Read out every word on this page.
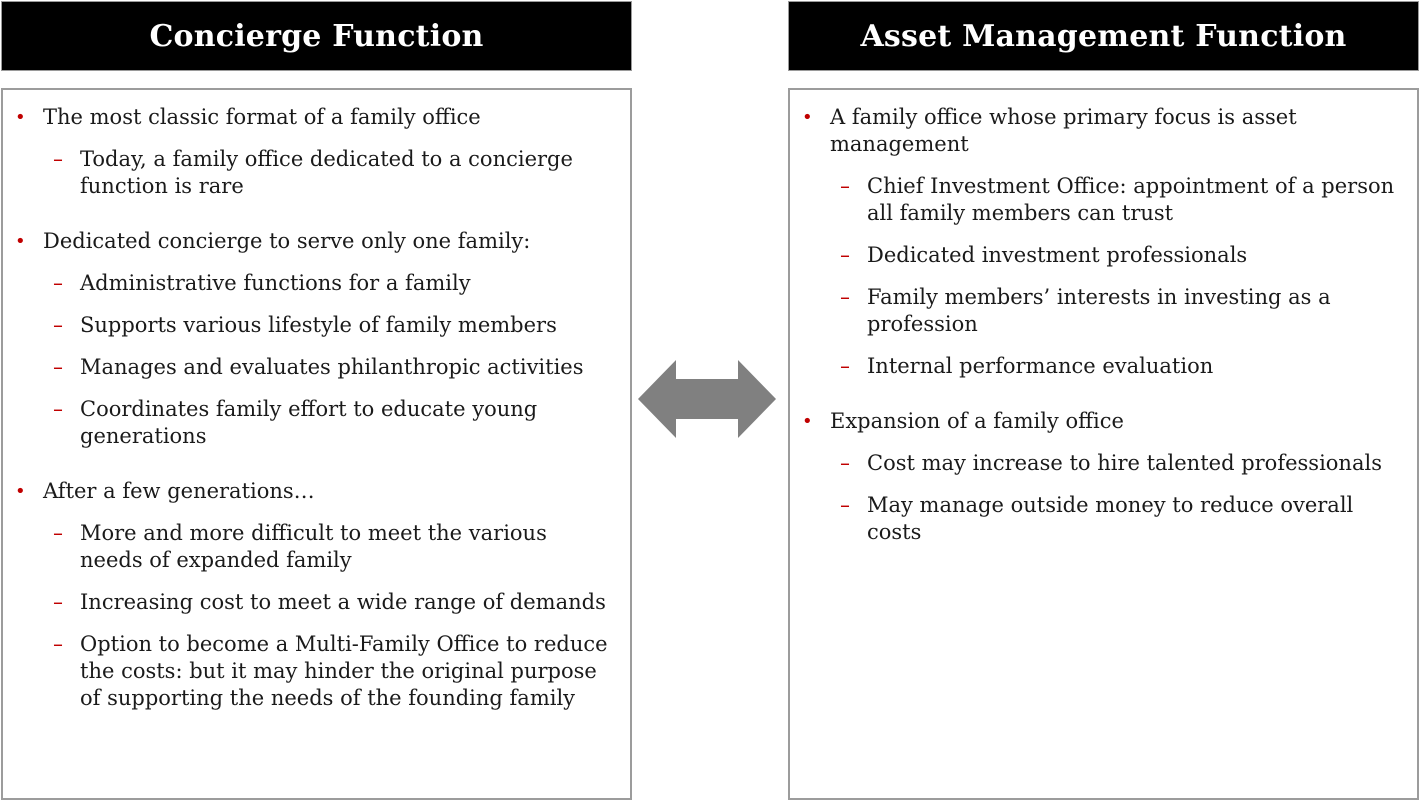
Concierge Function	Asset Management Function
• The most classic format of a family office
– Today, a family office dedicated to a concierge function is rare
• Dedicated concierge to serve only one family:
– Administrative functions for a family
– Supports various lifestyle of family members
– Manages and evaluates philanthropic activities
– Coordinates family effort to educate young generations
• After a few generations…
– More and more difficult to meet the various needs of expanded family
– Increasing cost to meet a wide range of demands
– Option to become a Multi-Family Office to reduce the costs: but it may hinder the original purpose of supporting the needs of the founding family
• A family office whose primary focus is asset management
– Chief Investment Office: appointment of a person all family members can trust
– Dedicated investment professionals
– Family members’ interests in investing as a profession
– Internal performance evaluation
• Expansion of a family office
– Cost may increase to hire talented professionals
– May manage outside money to reduce overall costs
